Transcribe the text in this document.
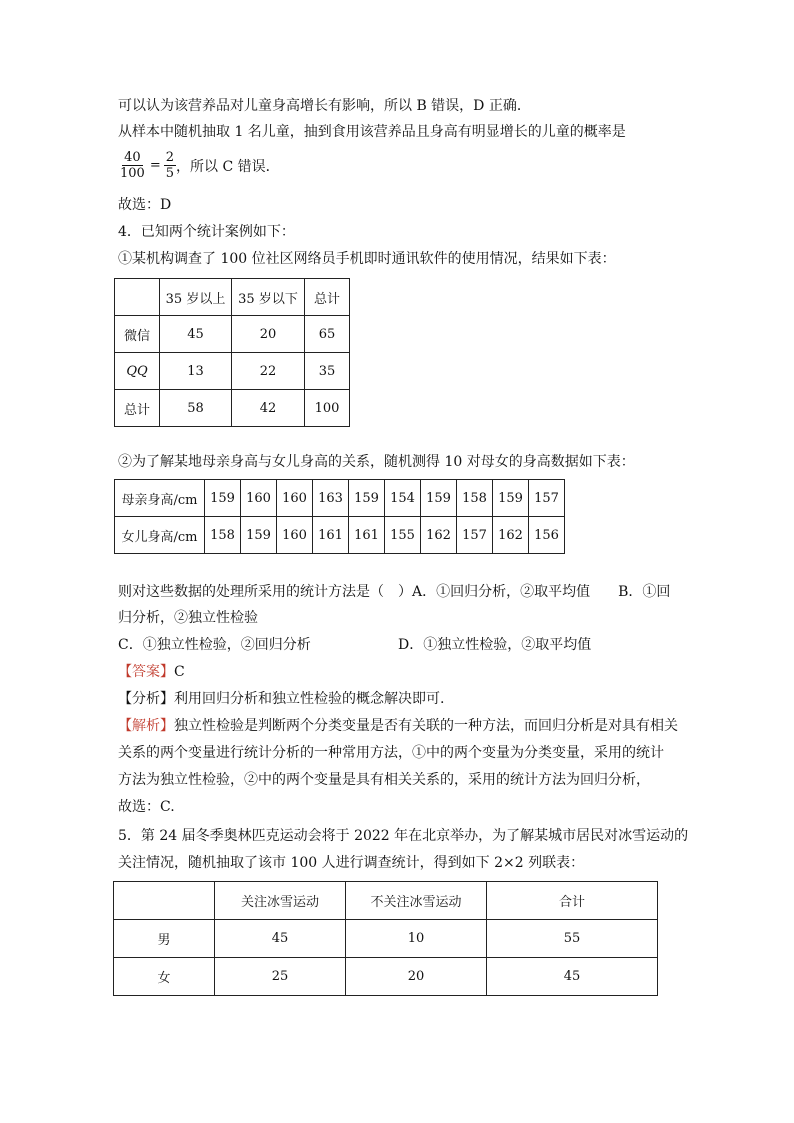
可以认为该营养品对儿童身高增长有影响，所以 B 错误，D 正确．
从样本中随机抽取 1 名儿童，抽到食用该营养品且身高有明显增长的儿童的概率是
$\frac{40}{100} = \frac{2}{5}$ ，所以 C 错误．
故选：D
4．已知两个统计案例如下：
①某机构调查了 100 位社区网络员手机即时通讯软件的使用情况，结果如下表：
	35 岁以上	35 岁以下	总计
微信	45	20	65
QQ	13	22	35
总计	58	42	100
②为了解某地母亲身高与女儿身高的关系，随机测得 10 对母女的身高数据如下表：
母亲身高/cm	159	160	160	163	159	154	159	158	159	157
女儿身高/cm	158	159	160	161	161	155	162	157	162	156
则对这些数据的处理所采用的统计方法是（　）A．①回归分析，②取平均值　　B．①回
归分析，②独立性检验
C．①独立性检验，②回归分析	D．①独立性检验，②取平均值
【答案】C
【分析】利用回归分析和独立性检验的概念解决即可.
【解析】独立性检验是判断两个分类变量是否有关联的一种方法，而回归分析是对具有相关
关系的两个变量进行统计分析的一种常用方法，①中的两个变量为分类变量，采用的统计
方法为独立性检验，②中的两个变量是具有相关关系的，采用的统计方法为回归分析，
故选：C.
5．第 24 届冬季奥林匹克运动会将于 2022 年在北京举办，为了解某城市居民对冰雪运动的
关注情况，随机抽取了该市 100 人进行调查统计，得到如下 2×2 列联表：
	关注冰雪运动	不关注冰雪运动	合计
男	45	10	55
女	25	20	45
